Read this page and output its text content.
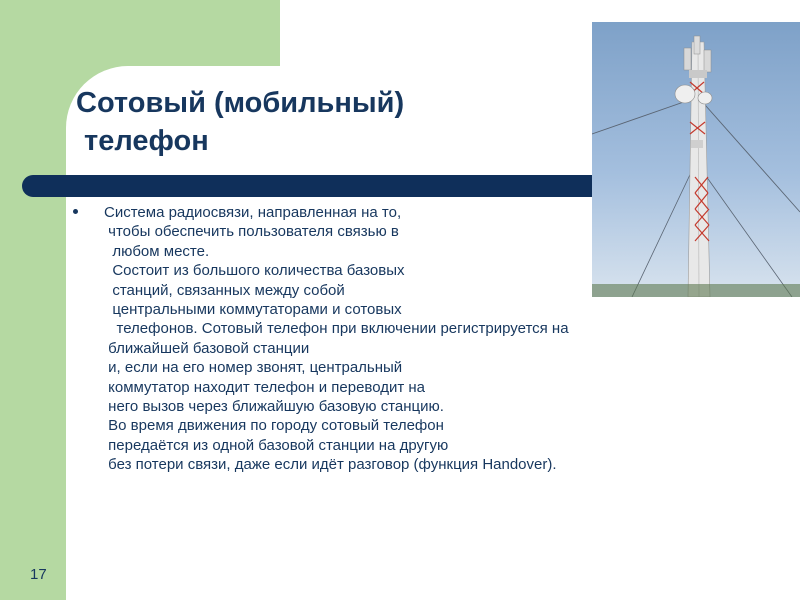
Сотовый (мобильный)
телефон

Система радиосвязи, направленная на то,
чтобы обеспечить пользователя связью в
любом месте.
Состоит из большого количества базовых
станций, связанных между собой
центральными коммутаторами и сотовых
телефонов. Сотовый телефон при включении регистрируется на
ближайшей базовой станции
и, если на его номер звонят, центральный
коммутатор находит телефон и переводит на
него вызов через ближайшую базовую станцию.
Во время движения по городу сотовый телефон
передаётся из одной базовой станции на другую
без потери связи, даже если идёт разговор (функция Handover).

17
